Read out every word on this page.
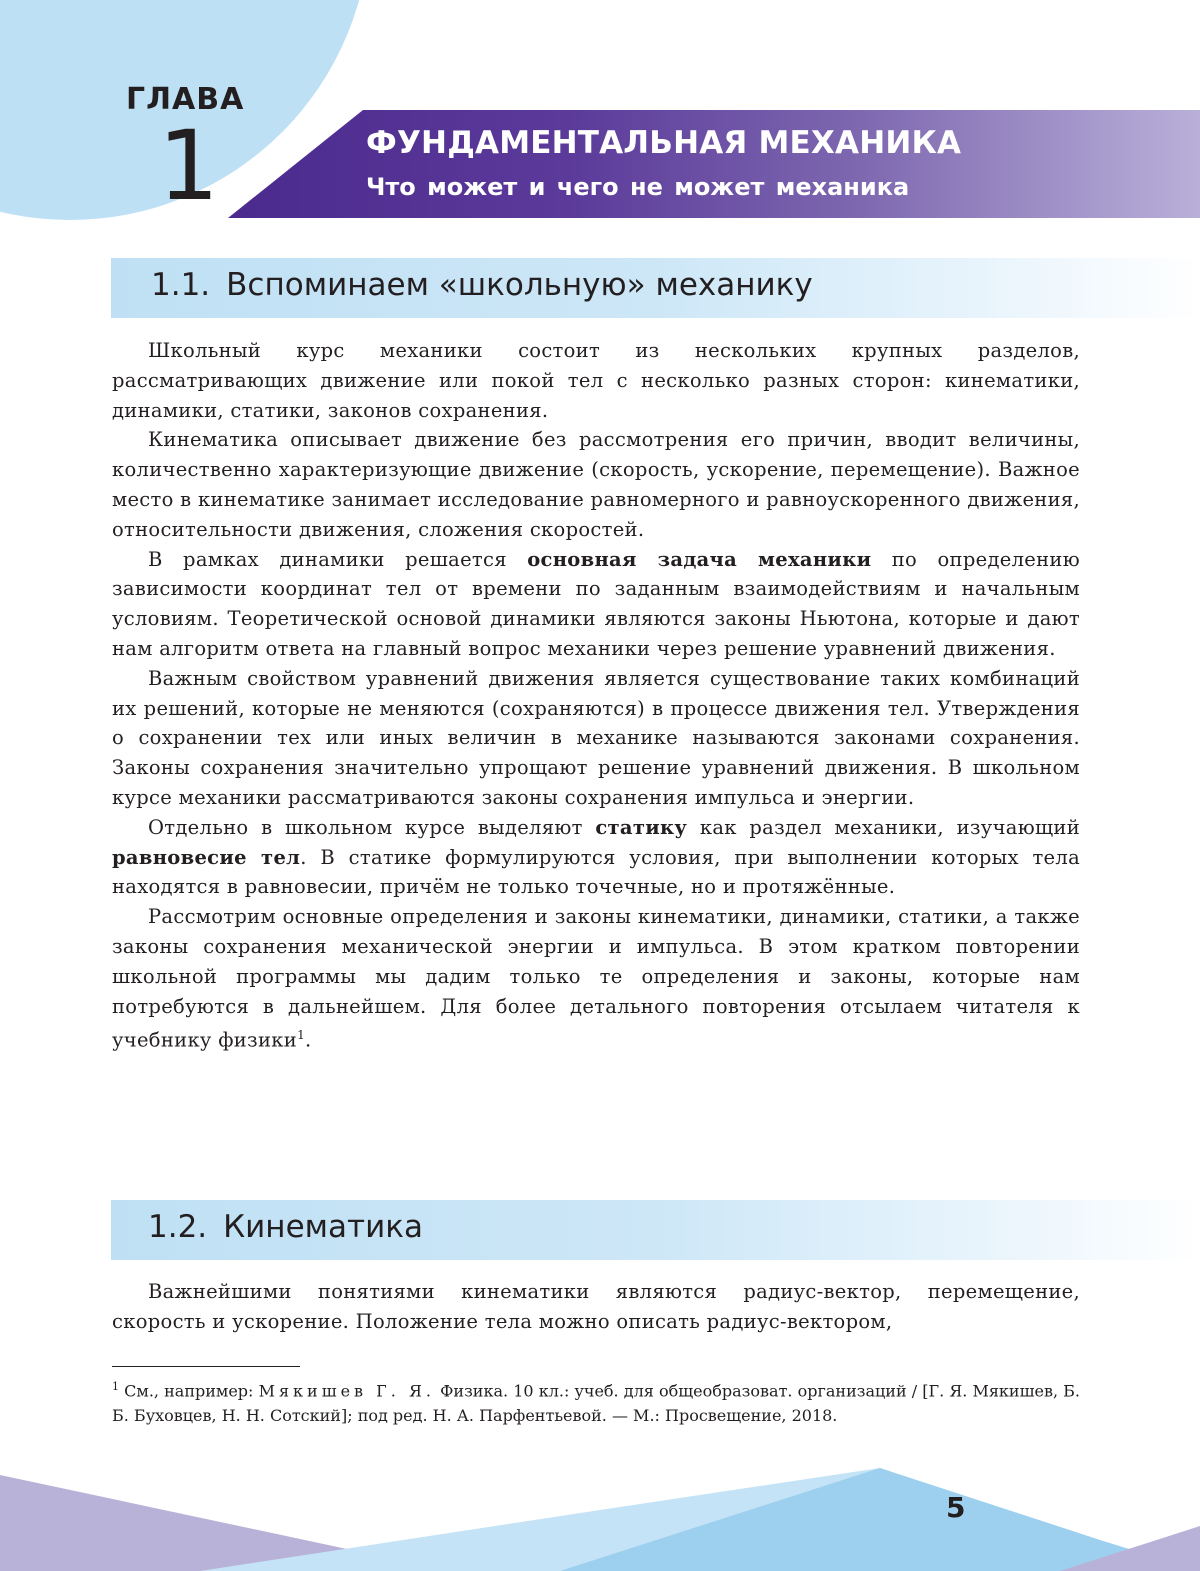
ГЛАВА
1	ФУНДАМЕНТАЛЬНАЯ МЕХАНИКА
Что может и чего не может механика
1.1. Вспоминаем «школьную» механику

Школьный курс механики состоит из нескольких крупных разделов, рассматривающих движение или покой тел с несколько разных сторон: кинематики, динамики, статики, законов сохранения.

Кинематика описывает движение без рассмотрения его причин, вводит величины, количественно характеризующие движение (скорость, ускорение, перемещение). Важное место в кинематике занимает исследование равномерного и равноускоренного движения, относительности движения, сложения скоростей.

В рамках динамики решается основная задача механики по определению зависимости координат тел от времени по заданным взаимодействиям и начальным условиям. Теоретической основой динамики являются законы Ньютона, которые и дают нам алгоритм ответа на главный вопрос механики через решение уравнений движения.

Важным свойством уравнений движения является существование таких комбинаций их решений, которые не меняются (сохраняются) в процессе движения тел. Утверждения о сохранении тех или иных величин в механике называются законами сохранения. Законы сохранения значительно упрощают решение уравнений движения. В школьном курсе механики рассматриваются законы сохранения импульса и энергии.

Отдельно в школьном курсе выделяют статику как раздел механики, изучающий равновесие тел. В статике формулируются условия, при выполнении которых тела находятся в равновесии, причём не только точечные, но и протяжённые.

Рассмотрим основные определения и законы кинематики, динамики, статики, а также законы сохранения механической энергии и импульса. В этом кратком повторении школьной программы мы дадим только те определения и законы, которые нам потребуются в дальнейшем. Для более детального повторения отсылаем читателя к учебнику физики$^1$.

1.2. Кинематика

Важнейшими понятиями кинематики являются радиус-вектор, перемещение, скорость и ускорение. Положение тела можно описать радиус-вектором,

$^1$ См., например: Мякишев Г. Я. Физика. 10 кл.: учеб. для общеобразоват. организаций / [Г. Я. Мякишев, Б. Б. Буховцев, Н. Н. Сотский]; под ред. Н. А. Парфентьевой. — М.: Просвещение, 2018.
5
